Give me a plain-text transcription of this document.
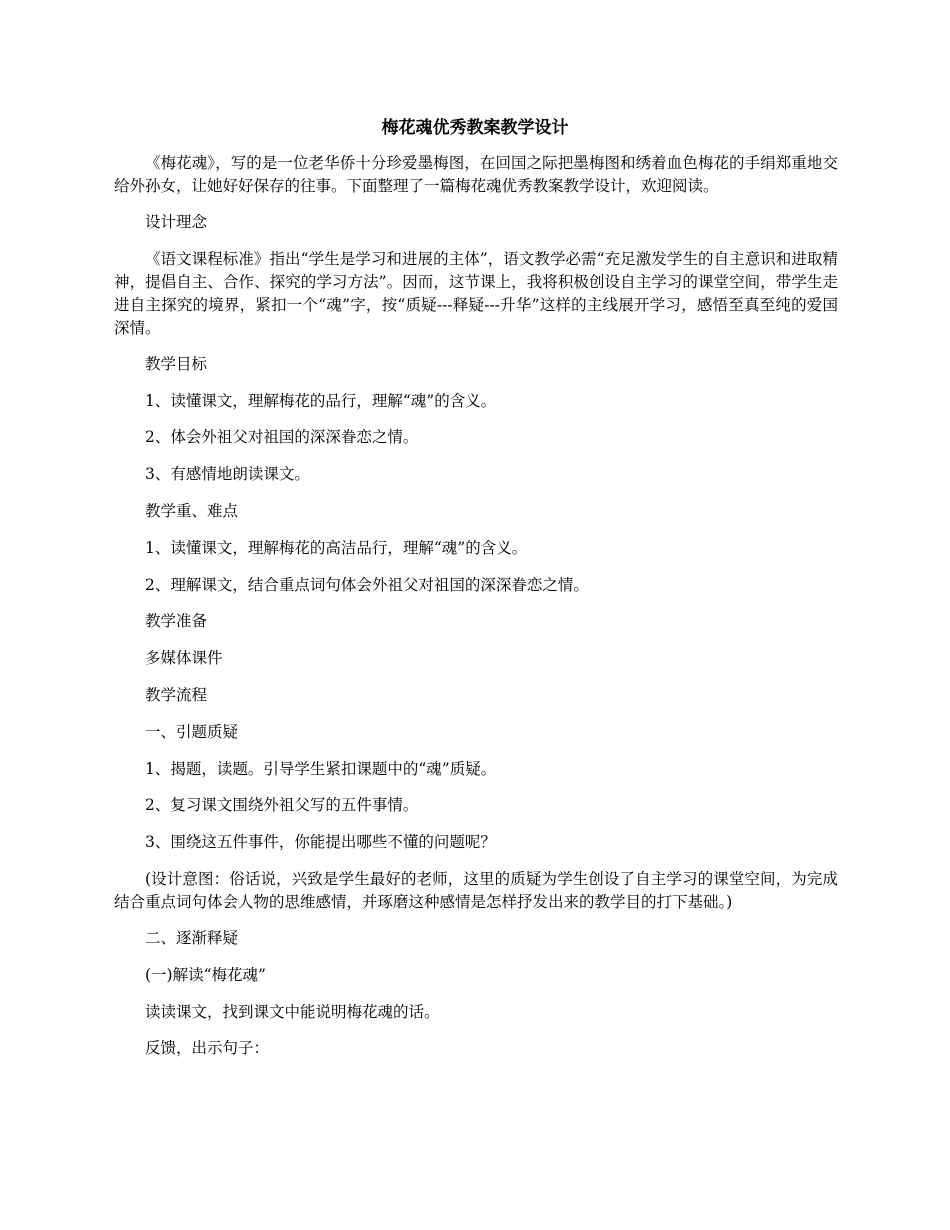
梅花魂优秀教案教学设计

《梅花魂》，写的是一位老华侨十分珍爱墨梅图，在回国之际把墨梅图和绣着血色梅花的手绢郑重地交给外孙女，让她好好保存的往事。下面整理了一篇梅花魂优秀教案教学设计，欢迎阅读。

设计理念

《语文课程标准》指出“学生是学习和进展的主体”，语文教学必需“充足激发学生的自主意识和进取精神，提倡自主、合作、探究的学习方法”。因而，这节课上，我将积极创设自主学习的课堂空间，带学生走进自主探究的境界，紧扣一个“魂”字，按“质疑---释疑---升华”这样的主线展开学习，感悟至真至纯的爱国深情。

教学目标

1、读懂课文，理解梅花的品行，理解“魂”的含义。

2、体会外祖父对祖国的深深眷恋之情。

3、有感情地朗读课文。

教学重、难点

1、读懂课文，理解梅花的高洁品行，理解“魂”的含义。

2、理解课文，结合重点词句体会外祖父对祖国的深深眷恋之情。

教学准备

多媒体课件

教学流程

一、引题质疑

1、揭题，读题。引导学生紧扣课题中的“魂”质疑。

2、复习课文围绕外祖父写的五件事情。

3、围绕这五件事件，你能提出哪些不懂的问题呢？

(设计意图：俗话说，兴致是学生最好的老师，这里的质疑为学生创设了自主学习的课堂空间，为完成结合重点词句体会人物的思维感情，并琢磨这种感情是怎样抒发出来的教学目的打下基础。)

二、逐渐释疑

(一)解读“梅花魂”

读读课文，找到课文中能说明梅花魂的话。

反馈，出示句子：
